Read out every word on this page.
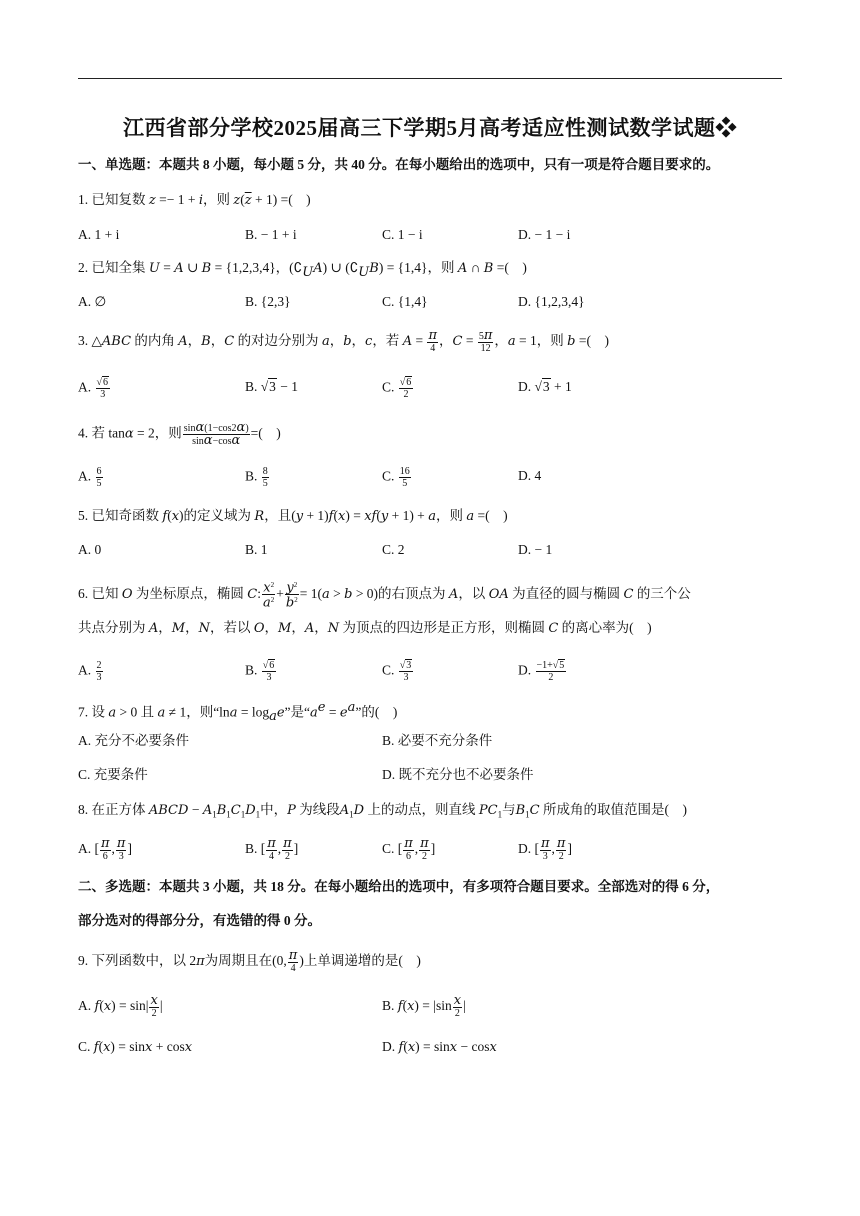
江西省部分学校2025届高三下学期5月高考适应性测试数学试题❖
一、单选题：本题共 8 小题，每小题 5 分，共 40 分。在每小题给出的选项中，只有一项是符合题目要求的。
1. 已知复数 z =− 1 + i，则 $z(\overline{z} + 1)$ =(    )
A. 1 + i	B. − 1 + i	C. 1 − i	D. − 1 − i
2. 已知全集 U = A ∪ B = {1,2,3,4}，$(∁_UA)$ ∪ $(∁_UB) = \{1,4\}$，则 A ∩ B =(    )
A. ∅	B. {2,3}	C. {1,4}	D. {1,2,3,4}
3. △ABC 的内角 A，B，C 的对边分别为 a，b，c，若 $A = \frac{\pi}{4}$ ，$C = \frac{5\pi}{12}$ ，a = 1，则 b =(    )
A. $\frac{√6}{3}$	B. √3 − 1	C. $\frac{√6}{2}$	D. √3 + 1
4. 若 tanα = 2，则 $\frac{\sin\alpha(1-\cos 2\alpha)}{\sin\alpha-\cos\alpha}$ =(    )
A. $\frac{6}{5}$	B. $\frac{8}{5}$	C. $\frac{16}{5}$	D. 4
5. 已知奇函数 f(x)的定义域为 R，且(y + 1)f(x) = xf(y + 1) + a，则 a =(    )
A. 0	B. 1	C. 2	D. − 1
6. 已知 O 为坐标原点，椭圆 C: $\frac{x^2}{a^2} + \frac{y^2}{b^2} = 1(a > b > 0)$的右顶点为 A，以 OA 为直径的圆与椭圆 C 的三个公
共点分别为 A，M，N，若以 O，M，A，N 为顶点的四边形是正方形，则椭圆 C 的离心率为(    )
A. $\frac{2}{3}$	B. $\frac{√6}{3}$	C. $\frac{√3}{3}$	D. $\frac{-1+√5}{2}$
7. 设 a > 0 且 a ≠ 1，则“$\ln a = \log_ae$”是“$a^e = e^a$”的(    )
A. 充分不必要条件	B. 必要不充分条件
C. 充要条件	D. 既不充分也不必要条件
8. 在正方体 ABCD − $A_1B_1C_1D_1$中，P 为线段$A_1D$ 上的动点，则直线 $PC_1$与$B_1C$ 所成角的取值范围是(    )
A. [ $\frac{\pi}{6}$ , $\frac{\pi}{3}$ ]	B. [ $\frac{\pi}{4}$ , $\frac{\pi}{2}$ ]	C. [ $\frac{\pi}{6}$ , $\frac{\pi}{2}$ ]	D. [ $\frac{\pi}{3}$ , $\frac{\pi}{2}$ ]
二、多选题：本题共 3 小题，共 18 分。在每小题给出的选项中，有多项符合题目要求。全部选对的得 6 分，
部分选对的得部分分，有选错的得 0 分。
9. 下列函数中，以 2π为周期且在(0, $\frac{\pi}{4}$ )上单调递增的是(    )
A. $f(x) = \sin| \frac{x}{2}$ |	B. $f(x) = |\sin \frac{x}{2}$ |
C. f(x) = sinx + cosx	D. f(x) = sinx − cosx
